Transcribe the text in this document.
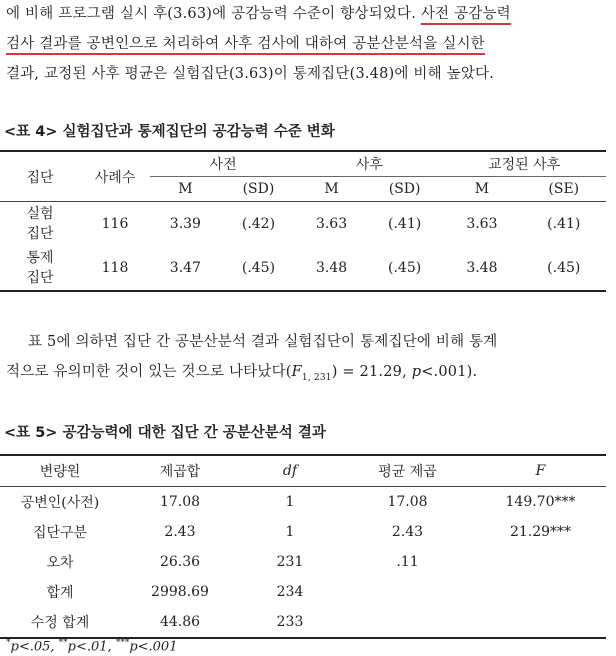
에 비해 프로그램 실시 후(3.63)에 공감능력 수준이 향상되었다. 사전 공감능력
검사 결과를 공변인으로 처리하여 사후 검사에 대하여 공분산분석을 실시한
결과, 교정된 사후 평균은 실험집단(3.63)이 통제집단(3.48)에 비해 높았다.
<표 4> 실험집단과 통제집단의 공감능력 수준 변화
집단	사례수	사전		사후		교정된 사후	
		M	(SD)	M	(SD)	M	(SE)
실험
집단	116	3.39	(.42)	3.63	(.41)	3.63	(.41)
통제
집단	118	3.47	(.45)	3.48	(.45)	3.48	(.45)
표 5에 의하면 집단 간 공분산분석 결과 실험집단이 통제집단에 비해 통계
적으로 유의미한 것이 있는 것으로 나타났다$(F_{1, 231}) = 21.29$, p<.001).
<표 5> 공감능력에 대한 집단 간 공분산분석 결과
변량원	제곱합	df	평균 제곱	F
공변인(사전)	17.08	1	17.08	149.70***
집단구분	2.43	1	2.43	21.29***
오차	26.36	231	.11	
합계	2998.69	234		
수정 합계	44.86	233		
*p<.05, **p<.01, ***p<.001
